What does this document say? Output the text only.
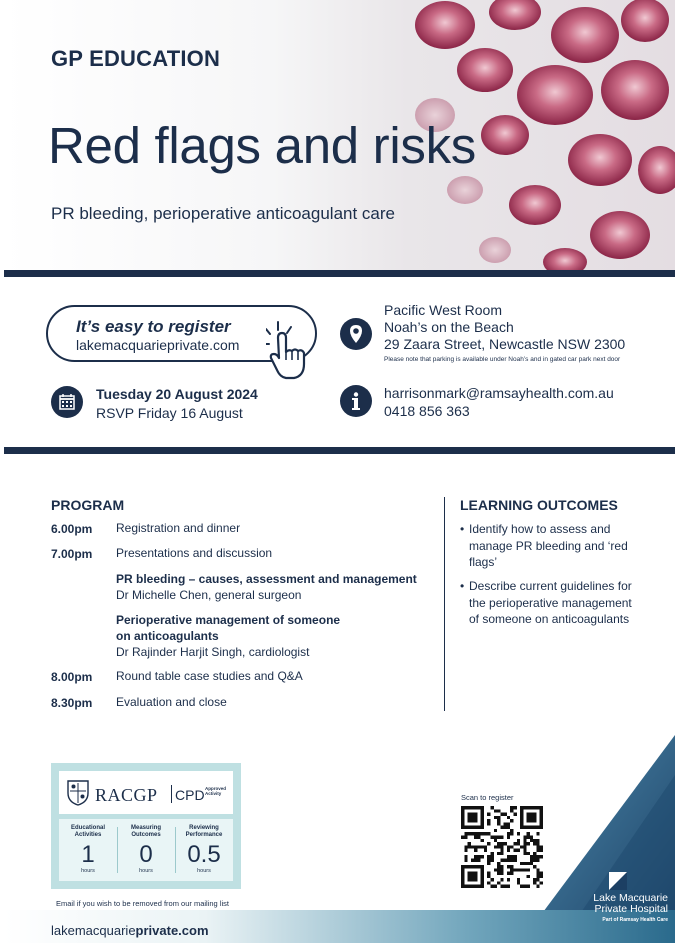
GP EDUCATION
Red flags and risks
PR bleeding, perioperative anticoagulant care
It’s easy to register
lakemacquarieprivate.com
Tuesday 20 August 2024
RSVP Friday 16 August
Pacific West Room
Noah’s on the Beach
29 Zaara Street, Newcastle NSW 2300
Please note that parking is available under Noah’s and in gated car park next door
harrisonmark@ramsayhealth.com.au
0418 856 363
PROGRAM
6.00pm Registration and dinner
7.00pm Presentations and discussion
PR bleeding – causes, assessment and management
Dr Michelle Chen, general surgeon
Perioperative management of someone
on anticoagulants
Dr Rajinder Harjit Singh, cardiologist
8.00pm Round table case studies and Q&A
8.30pm Evaluation and close
LEARNING OUTCOMES
• Identify how to assess and manage PR bleeding and ‘red flags’
• Describe current guidelines for the perioperative management of someone on anticoagulants
RACGP CPD Approved
Activity
Educational
Activities
1
hours
Measuring
Outcomes
0
hours
Reviewing
Performance
0.5
hours
Email if you wish to be removed from our mailing list
lakemacquarieprivate.com
Scan to register
Lake Macquarie
Private Hospital
Part of Ramsay Health Care
